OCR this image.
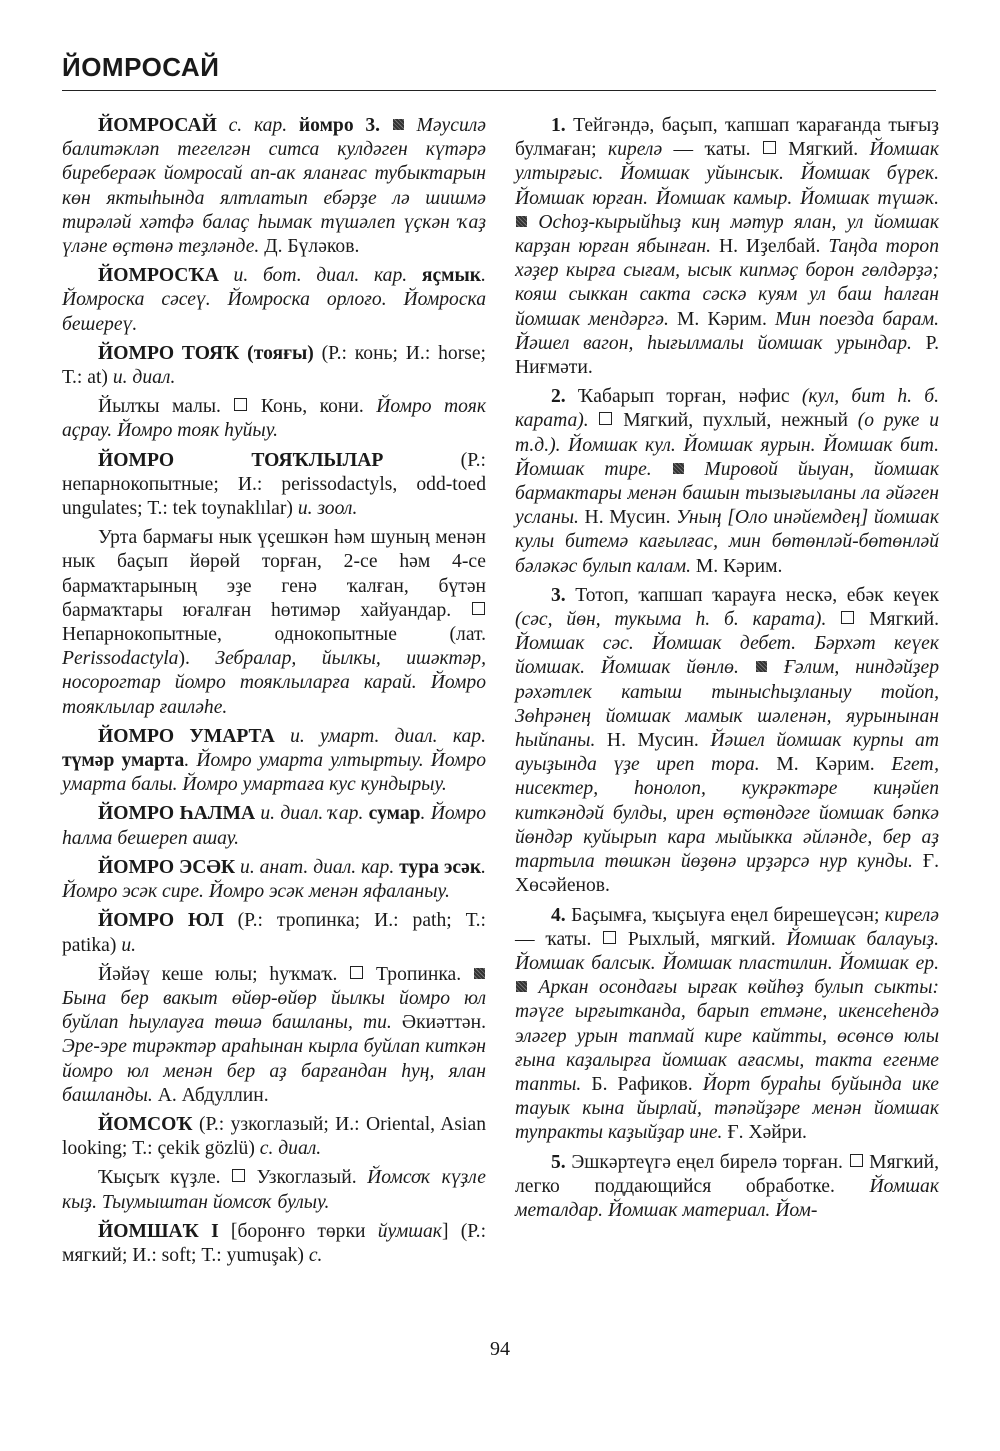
ЙОМРОСАЙ

ЙОМРОСАЙ с. кар. йомро 3.  Мәусилә балитәкләп тегелгән ситса кулдәген күтәрә биребераәк йомросай ап-ак яланғас тубыктарын көн яктыһында ялтлатып ебәрҙе лә шишмә тирәләй хәтфә балаҫ һымак түшәлеп үҫкән ҡаҙ үләне өҫтөнә теҙләнде. Д. Бүләков.

ЙОМРОСҠА и. бот. диал. кар. яҫмык. Йомроска сәсеү. Йомроска орлоғо. Йомроска бешереү.

ЙОМРО ТОЯҠ (тояғы) (Р.: конь; И.: horse; Т.: at) и. диал.

Йылҡы малы.  Конь, кони. Йомро тояк аҫрау. Йомро тояк һуйыу.

ЙОМРО ТОЯҠЛЫЛАР (Р.: непарнокопытные; И.: perissodactyls, odd-toed ungulates; Т.: tek toynaklılar) и. зоол.

Урта бармағы нык үҫешкән һәм шуның менән нык баҫып йөрөй торған, 2-се һәм 4-се бармаҡтарының эҙе генә ҡалған, бүтән бармаҡтары юғалған һөтимәр хайуандар.  Непарнокопытные, однокопытные (лат. Perissodactyla). Зебралар, йылкы, ишәктәр, носорогтар йомро тояклыларға карай. Йомро тояклылар ғаиләһе.

ЙОМРО УМАРТА и. умарт. диал. кар. түмәр умарта. Йомро умарта ултыртыу. Йомро умарта балы. Йомро умартаға кус кундырыу.

ЙОМРО ҺАЛМА и. диал. ҡар. сумар. Йомро һалма бешереп ашау.

ЙОМРО ЭСӘК и. анат. диал. кар. тура эсәк. Йомро эсәк сире. Йомро эсәк менән яфаланыу.

ЙОМРО ЮЛ (Р.: тропинка; И.: path; Т.: patika) и.

Йәйәү кеше юлы; һуҡмаҡ.  Тропинка.  Бына бер вакыт өйөр-өйөр йылкы йомро юл буйлап һыулауға төшә башланы, ти. Әкиәттән. Эре-эре тирәктәр араһынан кырла буйлап киткән йомро юл менән бер аҙ барғандан һуң, ялан башланды. А. Абдуллин.

ЙОМСОҠ (Р.: узкоглазый; И.: Oriental, Asian looking; Т.: çekik gözlü) с. диал.

Ҡыҫыҡ күҙле.  Узкоглазый. Йомсоҡ күҙле кыҙ. Тыумыштан йомсоҡ булыу.

ЙОМШАҠ I [боронғо төрки йумшак] (Р.: мягкий; И.: soft; Т.: yumuşak) с.

1. Тейгәндә, баҫып, ҡапшап ҡарағанда тығыҙ булмаған; кирелә — ҡаты.  Мягкий. Йомшак ултырғыс. Йомшак уйынсык. Йомшак бүрек. Йомшак юрған. Йомшак камыр. Йомшак түшәк.  Осһоҙ-кырыйһыҙ киң мәтур ялан, ул йомшак карҙан юрған ябынған. Н. Иҙелбай. Таңда тороп хәҙер кырға сығам, ысык кипмәҫ борон гөлдәрҙә; кояш сыккан сакта сәскә куям ул баш һалған йомшак мендәргә. М. Кәрим. Мин поезда барам. Йәшел вагон, һығылмалы йомшак урындар. Р. Ниғмәти.

2. Ҡабарып торған, нәфис (кул, бит һ. б. карата).  Мягкий, пухлый, нежный (о руке и т.д.). Йомшак кул. Йомшак яурын. Йомшак бит. Йомшак тире.  Мировой йыуан, йомшак бармактары менән башын тызығыланы ла әйәген усланы. Н. Мусин. Уның [Оло инәйемдең] йомшак кулы битемә кағылғас, мин бөтөнләй-бөтөнләй бәләкәс булып калам. М. Кәрим.

3. Тотоп, ҡапшап ҡарауға нескә, ебәк кеүек (сәс, йөн, тукыма һ. б. карата).  Мягкий. Йомшак сәс. Йомшак дебет. Бәрхәт кеүек йомшак. Йомшак йөнлө.  Ғәлим, ниндәйҙер рәхәтлек катыш тынысһыҙланыу тойоп, Зөһрәнең йомшак мамык шәленән, яурынынан һыйпаны. Н. Мусин. Йәшел йомшак курпы ат ауыҙында үҙе иреп тора. М. Кәрим. Егет, нисектер, һонолоп, кукрәктәре киңәйеп киткәндәй булды, ирен өҫтөндәге йомшак бәпкә йөндәр куйырып кара мыйыкка әйләнде, бер аҙ тартыла төшкән йөҙөнә ирҙәрсә нур кунды. Ғ. Хөсәйенов.

4. Баҫымға, ҡыҫыуға еңел бирешеүсән; кирелә — ҡаты.  Рыхлый, мягкий. Йомшак балауыҙ. Йомшак балсык. Йомшак пластилин. Йомшак ер.  Аркан осондағы ырғак көйһөҙ булып сыкты: тәүге ырғытканда, барып етмәне, икенсеһендә эләгер урын тапмай кире кайтты, өсөнсө юлы ғына каҙалырға йомшак ағасмы, такта егенме тапты. Б. Рафиков. Йорт бураһы буйында ике тауык кына йырлай, тәпәйҙәре менән йомшак тупракты каҙыйҙар ине. Ғ. Хәйри.

5. Эшкәртеүгә еңел бирелә торған.  Мягкий, легко поддающийся обработке. Йомшак металдар. Йомшак материал. Йом-

94
